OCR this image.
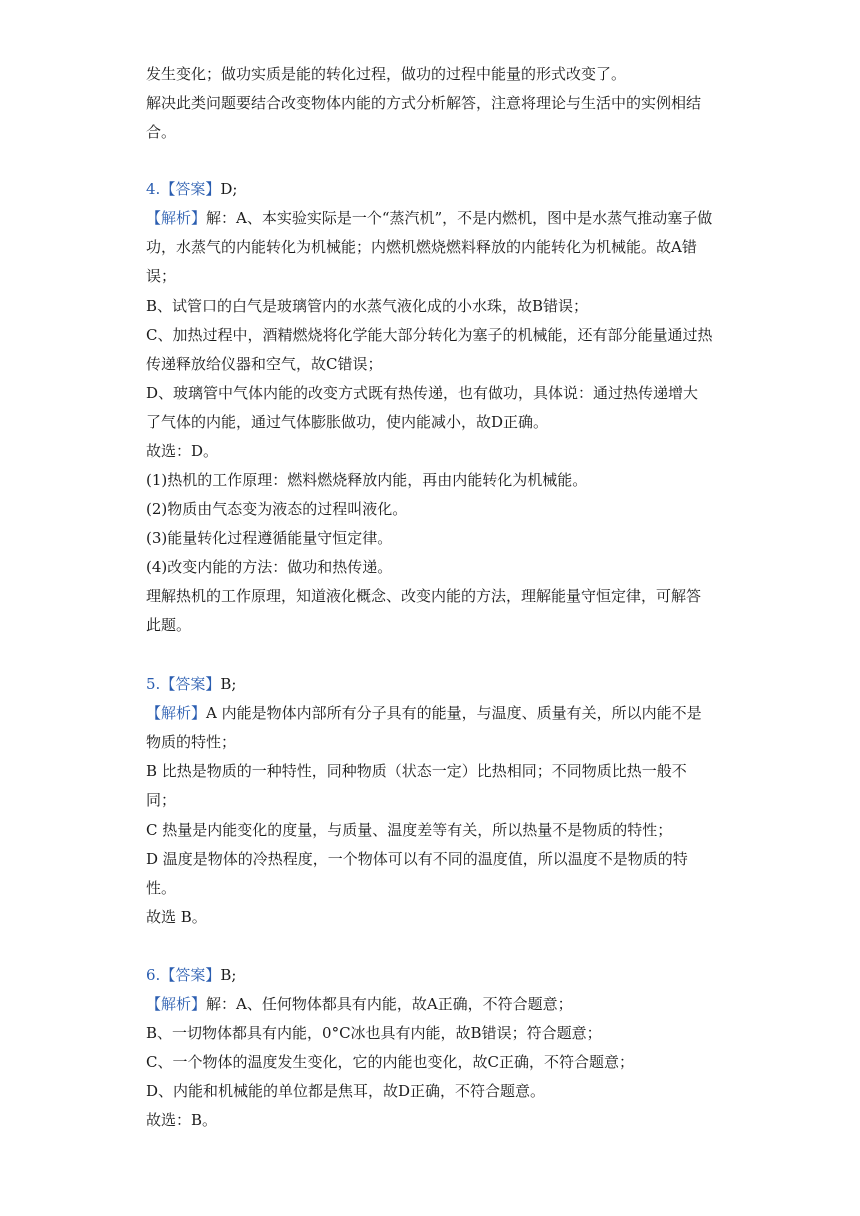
发生变化；做功实质是能的转化过程，做功的过程中能量的形式改变了。
解决此类问题要结合改变物体内能的方式分析解答，注意将理论与生活中的实例相结
合。
4.【答案】D;
【解析】解：A、本实验实际是一个“蒸汽机”，不是内燃机，图中是水蒸气推动塞子做
功，水蒸气的内能转化为机械能；内燃机燃烧燃料释放的内能转化为机械能。故A错
误；
B、试管口的白气是玻璃管内的水蒸气液化成的小水珠，故B错误；
C、加热过程中，酒精燃烧将化学能大部分转化为塞子的机械能，还有部分能量通过热
传递释放给仪器和空气，故C错误；
D、玻璃管中气体内能的改变方式既有热传递，也有做功，具体说：通过热传递增大
了气体的内能，通过气体膨胀做功，使内能减小，故D正确。
故选：D。
(1)热机的工作原理：燃料燃烧释放内能，再由内能转化为机械能。
(2)物质由气态变为液态的过程叫液化。
(3)能量转化过程遵循能量守恒定律。
(4)改变内能的方法：做功和热传递。
理解热机的工作原理，知道液化概念、改变内能的方法，理解能量守恒定律，可解答
此题。
5.【答案】B;
【解析】A 内能是物体内部所有分子具有的能量，与温度、质量有关，所以内能不是
物质的特性；
B 比热是物质的一种特性，同种物质（状态一定）比热相同；不同物质比热一般不
同；
C 热量是内能变化的度量，与质量、温度差等有关，所以热量不是物质的特性；
D 温度是物体的冷热程度，一个物体可以有不同的温度值，所以温度不是物质的特
性。
故选 B。
6.【答案】B;
【解析】解：A、任何物体都具有内能，故A正确，不符合题意；
B、一切物体都具有内能，0°C冰也具有内能，故B错误；符合题意；
C、一个物体的温度发生变化，它的内能也变化，故C正确，不符合题意；
D、内能和机械能的单位都是焦耳，故D正确，不符合题意。
故选：B。
